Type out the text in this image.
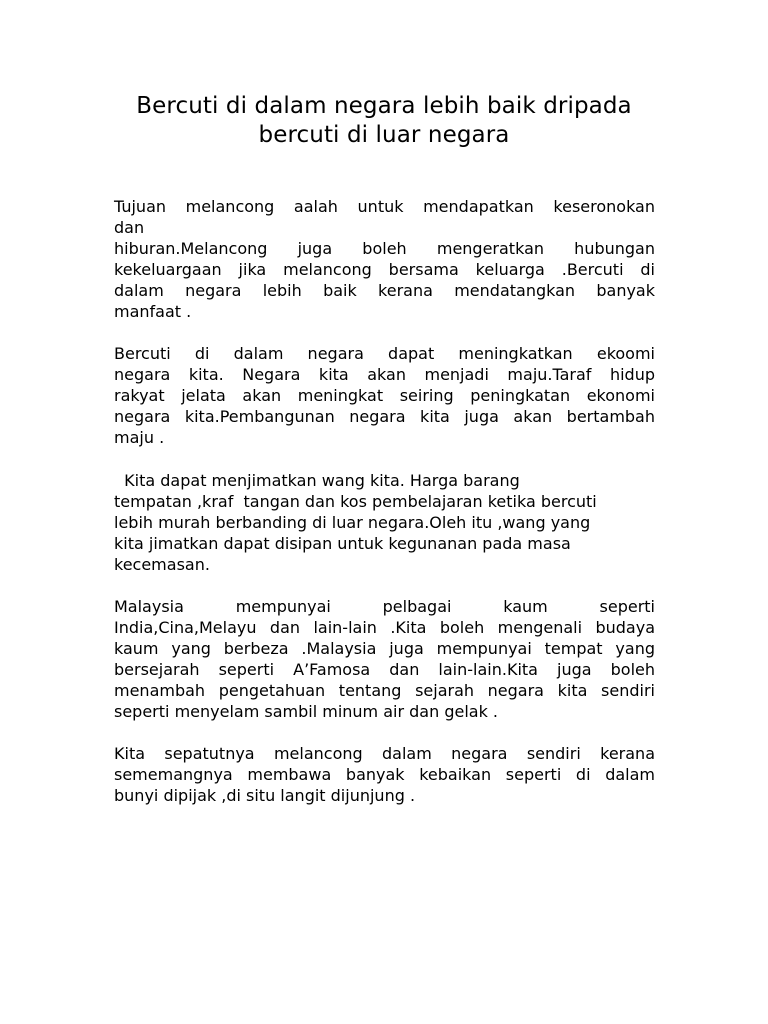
Bercuti di dalam negara lebih baik dripada
bercuti di luar negara
Tujuan melancong aalah untuk mendapatkan keseronokan
dan
hiburan.Melancong juga boleh mengeratkan hubungan
kekeluargaan jika melancong bersama keluarga .Bercuti di
dalam negara lebih baik kerana mendatangkan banyak
manfaat .
Bercuti di dalam negara dapat meningkatkan ekoomi
negara kita. Negara kita akan menjadi maju.Taraf hidup
rakyat jelata akan meningkat seiring peningkatan ekonomi
negara kita.Pembangunan negara kita juga akan bertambah
maju .
Kita dapat menjimatkan wang kita. Harga barang
tempatan ,kraf  tangan dan kos pembelajaran ketika bercuti
lebih murah berbanding di luar negara.Oleh itu ,wang yang
kita jimatkan dapat disipan untuk kegunanan pada masa
kecemasan.
Malaysia mempunyai pelbagai kaum seperti
India,Cina,Melayu dan lain-lain .Kita boleh mengenali budaya
kaum yang berbeza .Malaysia juga mempunyai tempat yang
bersejarah seperti A’Famosa dan lain-lain.Kita juga boleh
menambah pengetahuan tentang sejarah negara kita sendiri
seperti menyelam sambil minum air dan gelak .
Kita sepatutnya melancong dalam negara sendiri kerana
sememangnya membawa banyak kebaikan seperti di dalam
bunyi dipijak ,di situ langit dijunjung .
